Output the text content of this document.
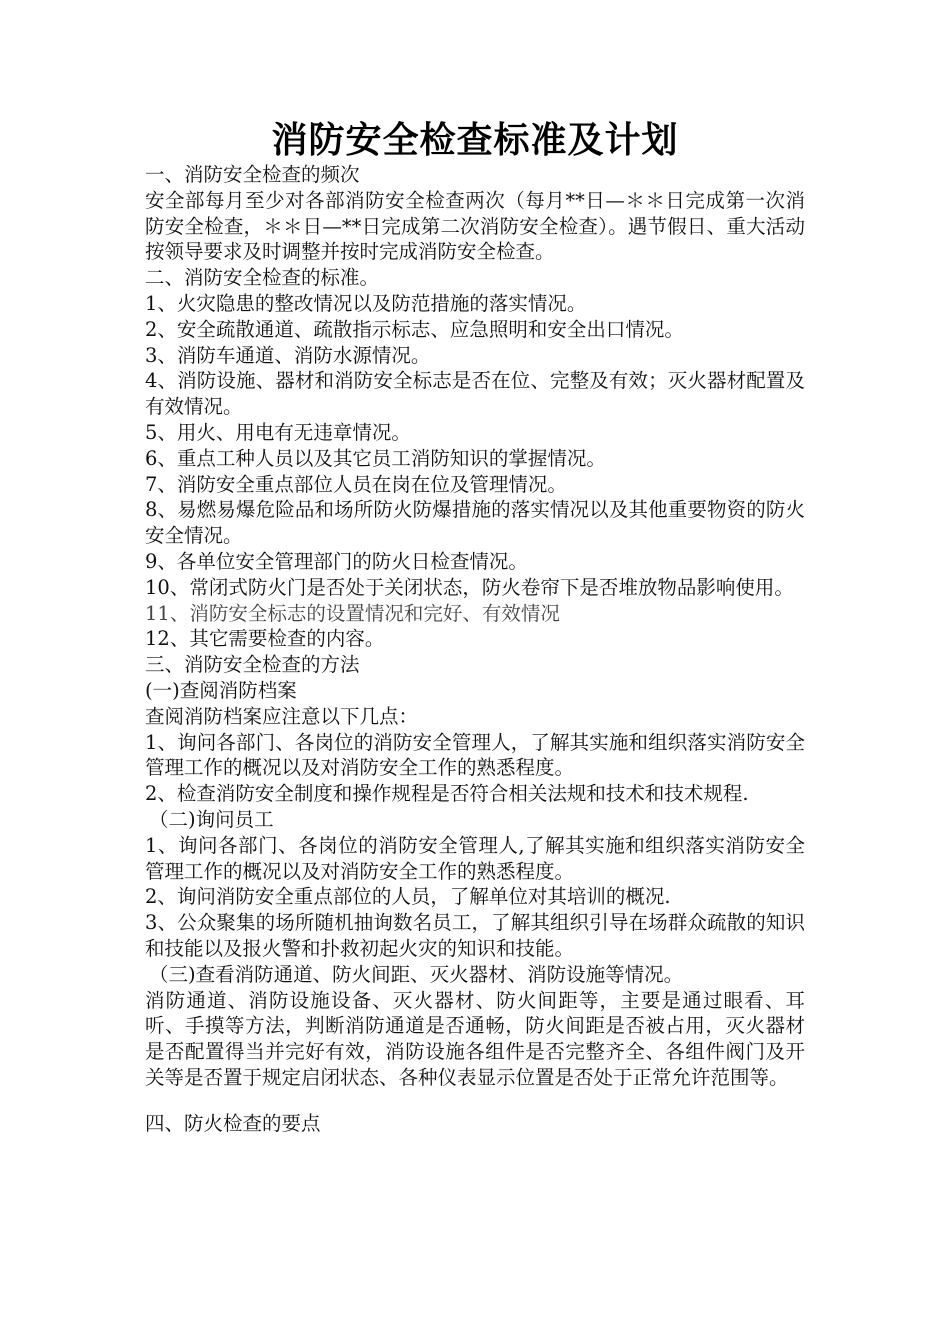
消防安全检查标准及计划

一、消防安全检查的频次

安全部每月至少对各部消防安全检查两次（每月**日—＊＊日完成第一次消防安全检查，＊＊日—**日完成第二次消防安全检查）。遇节假日、重大活动按领导要求及时调整并按时完成消防安全检查。

二、消防安全检查的标准。

1、火灾隐患的整改情况以及防范措施的落实情况。

2、安全疏散通道、疏散指示标志、应急照明和安全出口情况。

3、消防车通道、消防水源情况。

4、消防设施、器材和消防安全标志是否在位、完整及有效；灭火器材配置及有效情况。

5、用火、用电有无违章情况。

6、重点工种人员以及其它员工消防知识的掌握情况。

7、消防安全重点部位人员在岗在位及管理情况。

8、易燃易爆危险品和场所防火防爆措施的落实情况以及其他重要物资的防火安全情况。

9、各单位安全管理部门的防火日检查情况。

10、常闭式防火门是否处于关闭状态，防火卷帘下是否堆放物品影响使用。

11、消防安全标志的设置情况和完好、有效情况

12、其它需要检查的内容。

三、消防安全检查的方法

(一)查阅消防档案

查阅消防档案应注意以下几点：

1、询问各部门、各岗位的消防安全管理人，了解其实施和组织落实消防安全管理工作的概况以及对消防安全工作的熟悉程度。

2、检查消防安全制度和操作规程是否符合相关法规和技术和技术规程.

（二)询问员工

1、询问各部门、各岗位的消防安全管理人,了解其实施和组织落实消防安全管理工作的概况以及对消防安全工作的熟悉程度。

2、询问消防安全重点部位的人员，了解单位对其培训的概况.

3、公众聚集的场所随机抽询数名员工，了解其组织引导在场群众疏散的知识和技能以及报火警和扑救初起火灾的知识和技能。

（三)查看消防通道、防火间距、灭火器材、消防设施等情况。

消防通道、消防设施设备、灭火器材、防火间距等，主要是通过眼看、耳听、手摸等方法，判断消防通道是否通畅，防火间距是否被占用，灭火器材是否配置得当并完好有效，消防设施各组件是否完整齐全、各组件阀门及开关等是否置于规定启闭状态、各种仪表显示位置是否处于正常允许范围等。

四、防火检查的要点
